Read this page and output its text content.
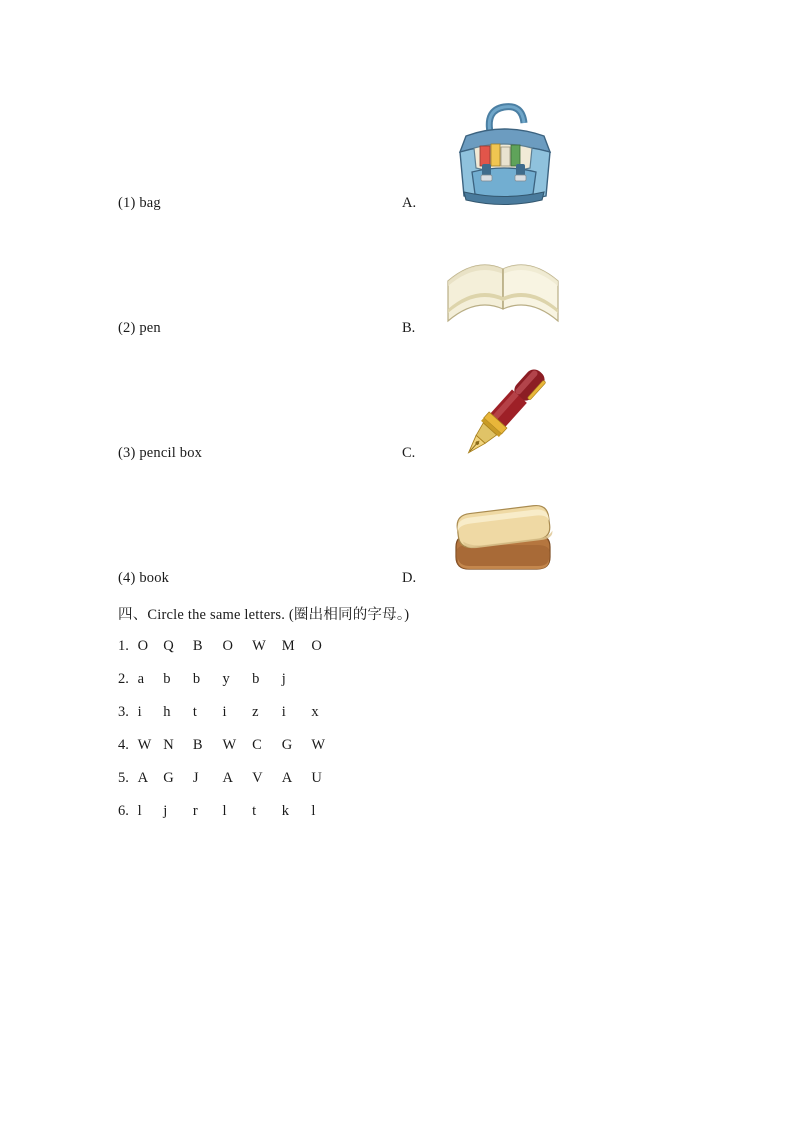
(1) bag	A.
(2) pen	B.
(3) pencil box	C.
(4) book	D.
四、Circle the same letters. (圈出相同的字母。)
1. O Q B O W M O
2. a b b y b j
3. i h t i z i x
4. W N B W C G W
5. A G J A V A U
6. l j r l t k l
